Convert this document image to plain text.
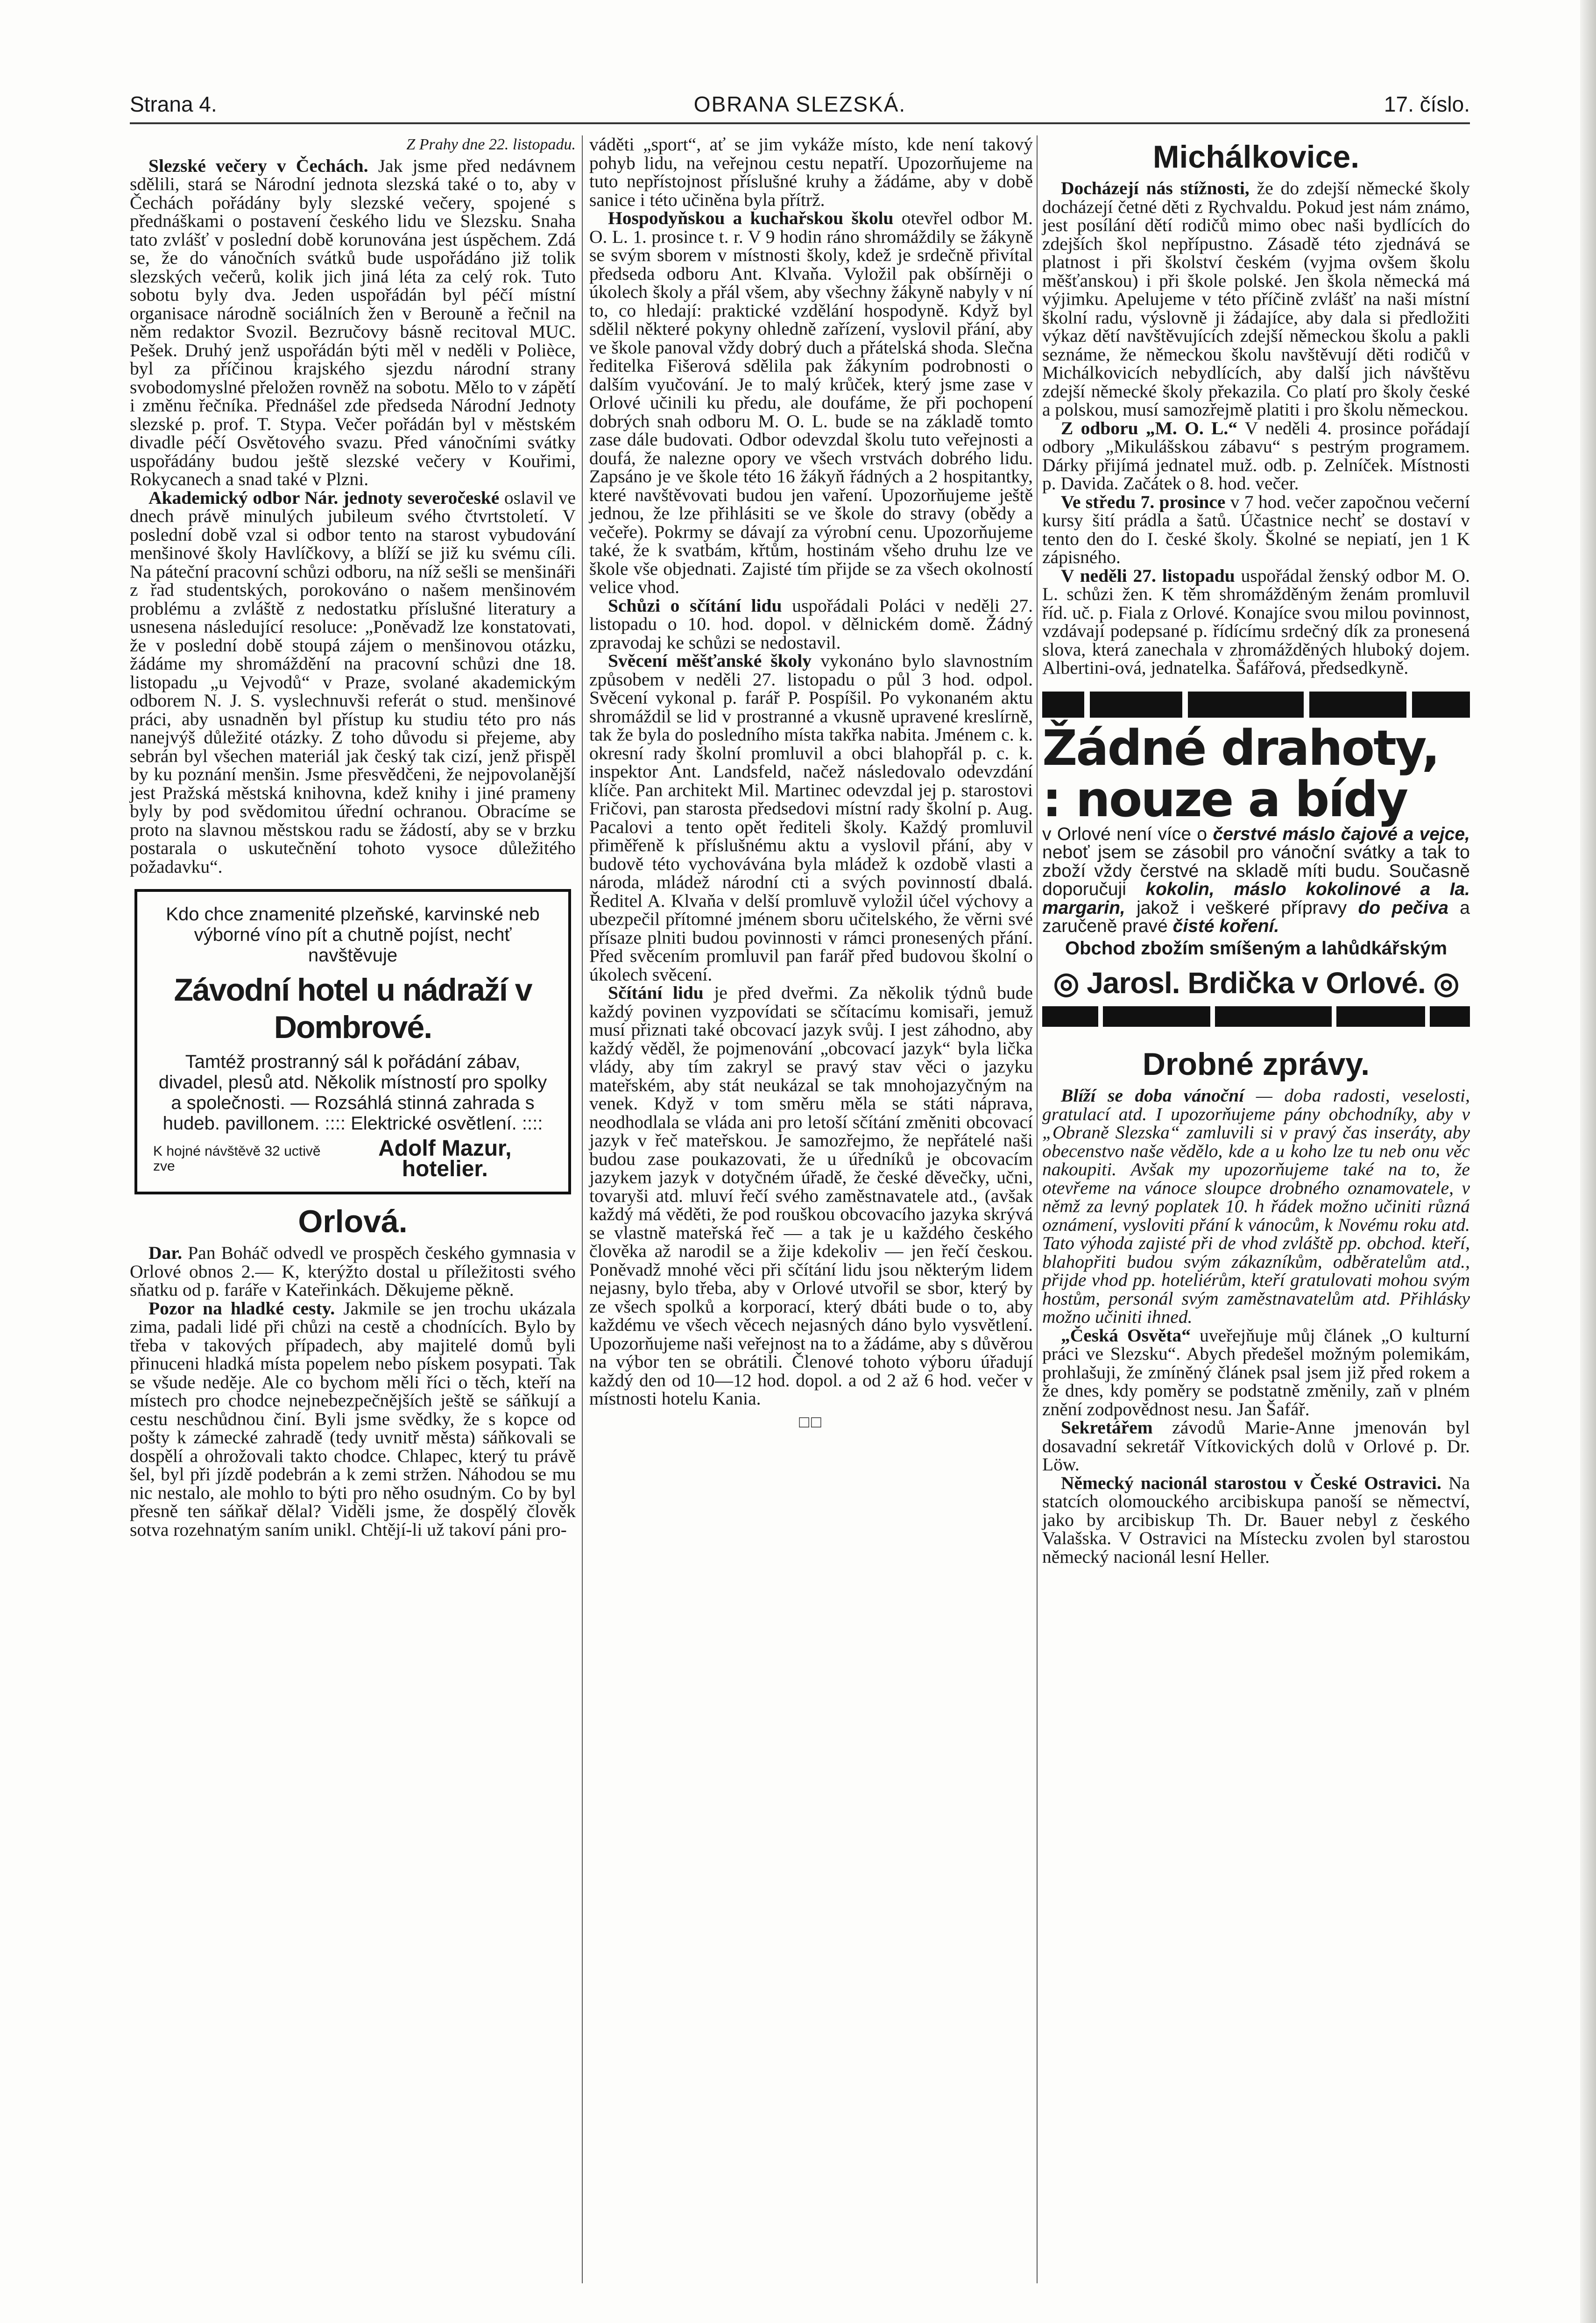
Strana 4.	OBRANA SLEZSKÁ.	17. číslo.
Z Prahy dne 22. listopadu.

Slezské večery v Čechách. Jak jsme před nedávnem sdělili, stará se Národní jednota slezská také o to, aby v Čechách pořádány byly slezské večery, spojené s přednáškami o postavení českého lidu ve Slezsku. Snaha tato zvlášť v poslední době korunována jest úspěchem. Zdá se, že do vánočních svátků bude uspořádáno již tolik slezských večerů, kolik jich jiná léta za celý rok. Tuto sobotu byly dva. Jeden uspořádán byl péčí místní organisace národně sociálních žen v Berouně a řečnil na něm redaktor Svozil. Bezručovy básně recitoval MUC. Pešek. Druhý jenž uspořádán býti měl v neděli v Polièce, byl za příčinou krajského sjezdu národní strany svobodomyslné přeložen rovněž na sobotu. Mělo to v zápětí i změnu řečníka. Přednášel zde předseda Národní Jednoty slezské p. prof. T. Stypa. Večer pořádán byl v městském divadle péčí Osvětového svazu. Před vánočními svátky uspořádány budou ještě slezské večery v Kouřimi, Rokycanech a snad také v Plzni.

Akademický odbor Nár. jednoty severočeské oslavil ve dnech právě minulých jubileum svého čtvrtstoletí. V poslední době vzal si odbor tento na starost vybudování menšinové školy Havlíčkovy, a blíží se již ku svému cíli. Na páteční pracovní schůzi odboru, na níž sešli se menšináři z řad studentských, porokováno o našem menšinovém problému a zvláště z nedostatku příslušné literatury a usnesena následující resoluce: „Poněvadž lze konstatovati, že v poslední době stoupá zájem o menšinovou otázku, žádáme my shromáždění na pracovní schůzi dne 18. listopadu „u Vejvodů“ v Praze, svolané akademickým odborem N. J. S. vyslechnuvši referát o stud. menšinové práci, aby usnadněn byl přístup ku studiu této pro nás nanejvýš důležité otázky. Z toho důvodu si přejeme, aby sebrán byl všechen materiál jak český tak cizí, jenž přispěl by ku poznání menšin. Jsme přesvědčeni, že nejpovolanější jest Pražská městská knihovna, kdež knihy i jiné prameny byly by pod svědomitou úřední ochranou. Obracíme se proto na slavnou městskou radu se žádostí, aby se v brzku postarala o uskutečnění tohoto vysoce důležitého požadavku“.

Kdo chce znamenité plzeňské, karvinské neb výborné víno pít a chutně pojíst, nechť navštěvuje
Závodní hotel u nádraží v Dombrové.
Tamtéž prostranný sál k pořádání zábav, divadel, plesů atd. Několik místností pro spolky a společnosti. — Rozsáhlá stinná zahrada s hudeb. pavillonem. :::: Elektrické osvětlení. ::::
K hojné návštěvě 32 uctivě zve
Adolf Mazur, hotelier.
Orlová.

Dar. Pan Boháč odvedl ve prospěch českého gymnasia v Orlové obnos 2.— K, kterýžto dostal u příležitosti svého sňatku od p. faráře v Kateřinkách. Děkujeme pěkně.

Pozor na hladké cesty. Jakmile se jen trochu ukázala zima, padali lidé při chůzi na cestě a chodnících. Bylo by třeba v takových případech, aby majitelé domů byli přinuceni hladká místa popelem nebo pískem posypati. Tak se všude neděje. Ale co bychom měli říci o těch, kteří na místech pro chodce nejnebezpečnějších ještě se sáňkují a cestu neschůdnou činí. Byli jsme svědky, že s kopce od pošty k zámecké zahradě (tedy uvnitř města) sáňkovali se dospělí a ohrožovali takto chodce. Chlapec, který tu právě šel, byl při jízdě podebrán a k zemi stržen. Náhodou se mu nic nestalo, ale mohlo to býti pro něho osudným. Co by byl přesně ten sáňkař dělal? Viděli jsme, že dospělý člověk sotva rozehnatým saním unikl. Chtějí-li už takoví páni pro-

váděti „sport“, ať se jim vykáže místo, kde není takový pohyb lidu, na veřejnou cestu nepatří. Upozorňujeme na tuto nepřístojnost příslušné kruhy a žádáme, aby v době sanice i této učiněna byla přítrž.

Hospodyňskou a kuchařskou školu otevřel odbor M. O. L. 1. prosince t. r. V 9 hodin ráno shromáždily se žákyně se svým sborem v místnosti školy, kdež je srdečně přivítal předseda odboru Ant. Klvaňa. Vyložil pak obšírněji o úkolech školy a přál všem, aby všechny žákyně nabyly v ní to, co hledají: praktické vzdělání hospodyně. Když byl sdělil některé pokyny ohledně zařízení, vyslovil přání, aby ve škole panoval vždy dobrý duch a přátelská shoda. Slečna ředitelka Fišerová sdělila pak žákyním podrobnosti o dalším vyučování. Je to malý krůček, který jsme zase v Orlové učinili ku předu, ale doufáme, že při pochopení dobrých snah odboru M. O. L. bude se na základě tomto zase dále budovati. Odbor odevzdal školu tuto veřejnosti a doufá, že nalezne opory ve všech vrstvách dobrého lidu. Zapsáno je ve škole této 16 žákyň řádných a 2 hospitantky, které navštěvovati budou jen vaření. Upozorňujeme ještě jednou, že lze přihlásiti se ve škole do stravy (obědy a večeře). Pokrmy se dávají za výrobní cenu. Upozorňujeme také, že k svatbám, křtům, hostinám všeho druhu lze ve škole vše objednati. Zajisté tím přijde se za všech okolností velice vhod.

Schůzi o sčítání lidu uspořádali Poláci v neděli 27. listopadu o 10. hod. dopol. v dělnickém domě. Žádný zpravodaj ke schůzi se nedostavil.

Svěcení měšťanské školy vykonáno bylo slavnostním způsobem v neděli 27. listopadu o půl 3 hod. odpol. Svěcení vykonal p. farář P. Pospíšil. Po vykonaném aktu shromáždil se lid v prostranné a vkusně upravené kreslírně, tak že byla do posledního místa takřka nabita. Jménem c. k. okresní rady školní promluvil a obci blahopřál p. c. k. inspektor Ant. Landsfeld, načež následovalo odevzdání klíče. Pan architekt Mil. Martinec odevzdal jej p. starostovi Fričovi, pan starosta předsedovi místní rady školní p. Aug. Pacalovi a tento opět řediteli školy. Každý promluvil přiměřeně k příslušnému aktu a vyslovil přání, aby v budově této vychovávána byla mládež k ozdobě vlasti a národa, mládež národní cti a svých povinností dbalá. Ředitel A. Klvaňa v delší promluvě vyložil účel výchovy a ubezpečil přítomné jménem sboru učitelského, že věrni své přísaze plniti budou povinnosti v rámci pronesených přání. Před svěcením promluvil pan farář před budovou školní o úkolech svěcení.

Sčítání lidu je před dveřmi. Za několik týdnů bude každý povinen vyzpovídati se sčítacímu komisaři, jemuž musí přiznati také obcovací jazyk svůj. I jest záhodno, aby každý věděl, že pojmenování „obcovací jazyk“ byla lička vlády, aby tím zakryl se pravý stav věci o jazyku mateřském, aby stát neukázal se tak mnohojazyčným na venek. Když v tom směru měla se státi náprava, neodhodlala se vláda ani pro letoší sčítání změniti obcovací jazyk v řeč mateřskou. Je samozřejmo, že nepřátelé naši budou zase poukazovati, že u úředníků je obcovacím jazykem jazyk v dotyčném úřadě, že české děvečky, učni, tovaryši atd. mluví řečí svého zaměstnavatele atd., (avšak každý má věděti, že pod rouškou obcovacího jazyka skrývá se vlastně mateřská řeč — a tak je u každého českého člověka až narodil se a žije kdekoliv — jen řečí českou. Poněvadž mnohé věci při sčítání lidu jsou některým lidem nejasny, bylo třeba, aby v Orlové utvořil se sbor, který by ze všech spolků a korporací, který dbáti bude o to, aby každému ve všech věcech nejasných dáno bylo vysvětlení. Upozorňujeme naši veřejnost na to a žádáme, aby s důvěrou na výbor ten se obrátili. Členové tohoto výboru úřadují každý den od 10—12 hod. dopol. a od 2 až 6 hod. večer v místnosti hotelu Kania.

□□
Michálkovice.

Docházejí nás stížnosti, že do zdejší německé školy docházejí četné děti z Rychvaldu. Pokud jest nám známo, jest posílání dětí rodičů mimo obec naši bydlících do zdejších škol nepřípustno. Zásadě této zjednává se platnost i při školství českém (vyjma ovšem školu měšťanskou) i při škole polské. Jen škola německá má výjimku. Apelujeme v této příčině zvlášť na naši místní školní radu, výslovně ji žádajíce, aby dala si předložiti výkaz dětí navštěvujících zdejší německou školu a pakli seznáme, že německou školu navštěvují děti rodičů v Michálkovicích nebydlících, aby další jich návštěvu zdejší německé školy překazila. Co platí pro školy české a polskou, musí samozřejmě platiti i pro školu německou.

Z odboru „M. O. L.“ V neděli 4. prosince pořádají odbory „Mikulášskou zábavu“ s pestrým programem. Dárky přijímá jednatel muž. odb. p. Zelníček. Místnosti p. Davida. Začátek o 8. hod. večer.

Ve středu 7. prosince v 7 hod. večer započnou večerní kursy šití prádla a šatů. Účastnice nechť se dostaví v tento den do I. české školy. Školné se nepiatí, jen 1 K zápisného.

V neděli 27. listopadu uspořádal ženský odbor M. O. L. schůzi žen. K těm shromážděným ženám promluvil říd. uč. p. Fiala z Orlové. Konajíce svou milou povinnost, vzdávají podepsané p. řídícímu srdečný dík za pronesená slova, která zanechala v zhromážděných hluboký dojem. Albertini-ová, jednatelka. Šafářová, předsedkyně.

Žádné drahoty,
: nouze a bídy

v Orlové není více o čerstvé máslo čajové a vejce, neboť jsem se zásobil pro vánoční svátky a tak to zboží vždy čerstvé na skladě míti budu. Současně doporučuji kokolin, máslo kokolinové a Ia. margarin, jakož i veškeré přípravy do pečiva a zaručeně pravé čisté koření.

Obchod zbožím smíšeným a lahůdkářským
◎ Jarosl. Brdička v Orlové. ◎
Drobné zprávy.

Blíží se doba vánoční — doba radosti, veselosti, gratulací atd. I upozorňujeme pány obchodníky, aby v „Obraně Slezska“ zamluvili si v pravý čas inseráty, aby obecenstvo naše vědělo, kde a u koho lze tu neb onu věc nakoupiti. Avšak my upozorňujeme také na to, že otevřeme na vánoce sloupce drobného oznamovatele, v němž za levný poplatek 10. h řádek možno učiniti různá oznámení, vysloviti přání k vánocům, k Novému roku atd. Tato výhoda zajisté při de vhod zvláště pp. obchod. kteří, blahopřiti budou svým zákazníkům, odběratelům atd., přijde vhod pp. hoteliérům, kteří gratulovati mohou svým hostům, personál svým zaměstnavatelům atd. Přihlásky možno učiniti ihned.

„Česká Osvěta“ uveřejňuje můj článek „O kulturní práci ve Slezsku“. Abych předešel možným polemikám, prohlašuji, že zmíněný článek psal jsem již před rokem a že dnes, kdy poměry se podstatně změnily, zaň v plném znění zodpovědnost nesu. Jan Šafář.

Sekretářem závodů Marie-Anne jmenován byl dosavadní sekretář Vítkovických dolů v Orlové p. Dr. Löw.

Německý nacionál starostou v České Ostravici. Na statcích olomouckého arcibiskupa panoší se němectví, jako by arcibiskup Th. Dr. Bauer nebyl z českého Valašska. V Ostravici na Místecku zvolen byl starostou německý nacionál lesní Heller.
